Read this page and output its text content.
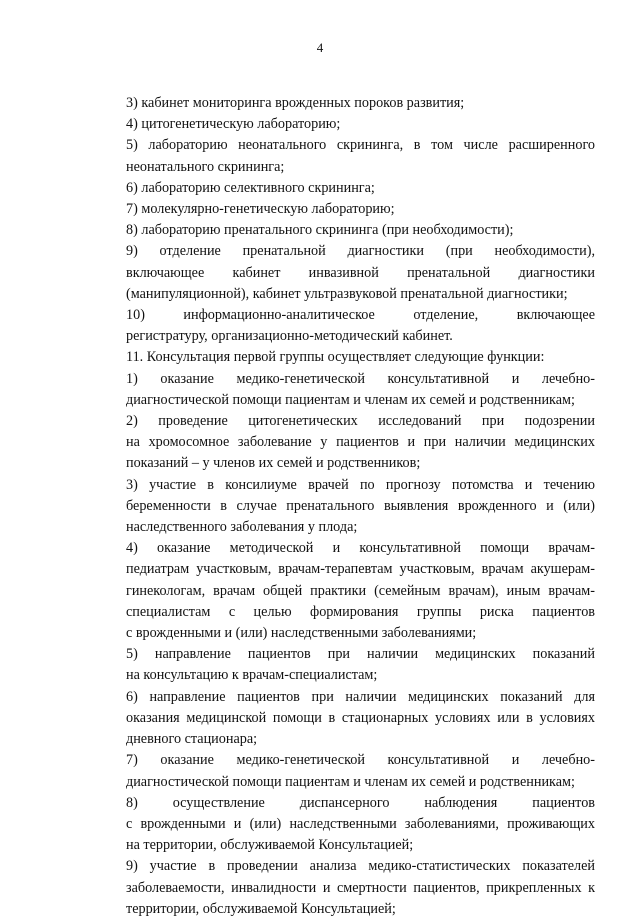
4

3) кабинет мониторинга врожденных пороков развития;

4) цитогенетическую лабораторию;

5) лабораторию неонатального скрининга, в том числе расширенного
неонатального скрининга;

6) лабораторию селективного скрининга;

7) молекулярно-генетическую лабораторию;

8) лабораторию пренатального скрининга (при необходимости);

9) отделение пренатальной диагностики (при необходимости),
включающее кабинет инвазивной пренатальной диагностики
(манипуляционной), кабинет ультразвуковой пренатальной диагностики;

10) информационно-аналитическое отделение, включающее
регистратуру, организационно-методический кабинет.

11. Консультация первой группы осуществляет следующие функции:

1) оказание медико-генетической консультативной и лечебно-
диагностической помощи пациентам и членам их семей и родственникам;

2) проведение цитогенетических исследований при подозрении
на хромосомное заболевание у пациентов и при наличии медицинских
показаний – у членов их семей и родственников;

3) участие в консилиуме врачей по прогнозу потомства и течению
беременности в случае пренатального выявления врожденного и (или)
наследственного заболевания у плода;

4) оказание методической и консультативной помощи врачам-
педиатрам участковым, врачам-терапевтам участковым, врачам акушерам-
гинекологам, врачам общей практики (семейным врачам), иным врачам-
специалистам с целью формирования группы риска пациентов
с врожденными и (или) наследственными заболеваниями;

5) направление пациентов при наличии медицинских показаний
на консультацию к врачам-специалистам;

6) направление пациентов при наличии медицинских показаний для
оказания медицинской помощи в стационарных условиях или в условиях
дневного стационара;

7) оказание медико-генетической консультативной и лечебно-
диагностической помощи пациентам и членам их семей и родственникам;

8) осуществление диспансерного наблюдения пациентов
с врожденными и (или) наследственными заболеваниями, проживающих
на территории, обслуживаемой Консультацией;

9) участие в проведении анализа медико-статистических показателей
заболеваемости, инвалидности и смертности пациентов, прикрепленных к
территории, обслуживаемой Консультацией;
